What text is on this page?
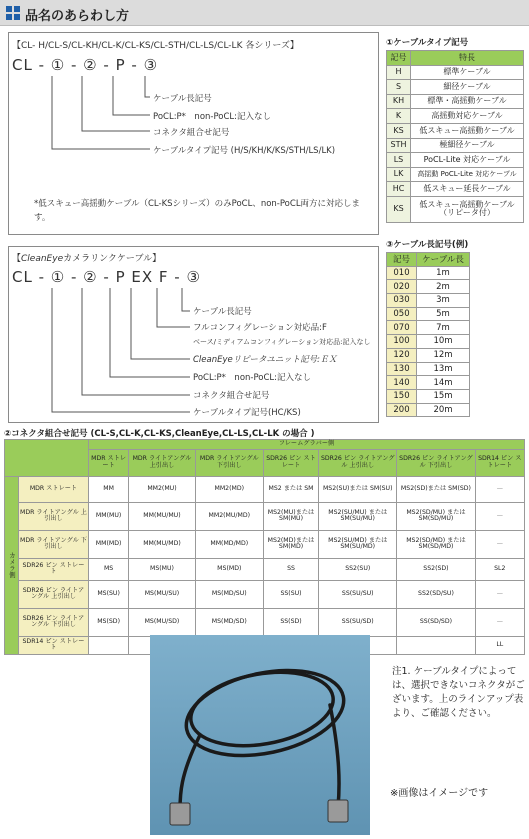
品名のあらわし方
【CL- H/CL-S/CL-KH/CL-K/CL-KS/CL-STH/CL-LS/CL-LK 各シリーズ】
CL - ① - ② - P - ③
ケーブル長記号
PoCL:P*　non-PoCL:記入なし
コネクタ組合せ記号
ケーブルタイプ記号 (H/S/KH/K/KS/STH/LS/LK)
*低スキュー高揺動ケーブル（CL-KSシリーズ）のみPoCL、non-PoCL両方に対応します。
【CleanEyeカメラリンクケーブル】
CL - ① - ② - P EX F - ③
ケーブル長記号
フルコンフィグレーション対応品:F
ベース/ミディアムコンフィグレーション対応品:記入なし
CleanEyeリピータユニット記号:ＥＸ
PoCL:P*　non-PoCL:記入なし
コネクタ組合せ記号
ケーブルタイプ記号(HC/KS)
①ケーブルタイプ記号
記号	特長
H	標準ケーブル
S	細径ケーブル
KH	標準・高揺動ケーブル
K	高揺動対応ケーブル
KS	低スキュー高揺動ケーブル
STH	極細径ケーブル
LS	PoCL-Lite 対応ケーブル
LK	高揺動 PoCL-Lite 対応ケーブル
HC	低スキュー延長ケーブル
KS	低スキュー高揺動ケーブル（リピータ付）
③ケーブル長記号(例)
記号	ケーブル長
010	1m
020	2m
030	3m
050	5m
070	7m
100	10m
120	12m
130	13m
140	14m
150	15m
200	20m
②コネクタ組合せ記号 (CL-S,CL-K,CL-KS,CleanEye,CL-LS,CL-LK の場合 )
		フレームグラバー側						
		MDR ストレート	MDR ライトアングル 上引出し	MDR ライトアングル 下引出し	SDR26 ピン ストレート	SDR26 ピン ライトアングル 上引出し	SDR26 ピン ライトアングル 下引出し	SDR14 ピン ストレート
カメラ側	MDR ストレート	MM	MM2(MU)	MM2(MD)	MS2 または SM	MS2(SU)または SM(SU)	MS2(SD)または SM(SD)	—
	MDR ライトアングル 上引出し	MM(MU)	MM(MU/MU)	MM2(MU/MD)	MS2(MU)または SM(MU)	MS2(SU/MU) またはSM(SU/MU)	MS2(SD/MU) またはSM(SD/MU)	—
	MDR ライトアングル 下引出し	MM(MD)	MM(MU/MD)	MM(MD/MD)	MS2(MD)または SM(MD)	MS2(SU/MD) またはSM(SU/MD)	MS2(SD/MD) またはSM(SD/MD)	—
	SDR26 ピン ストレート	MS	MS(MU)	MS(MD)	SS	SS2(SU)	SS2(SD)	SL2
	SDR26 ピン ライトアングル 上引出し	MS(SU)	MS(MU/SU)	MS(MD/SU)	SS(SU)	SS(SU/SU)	SS2(SD/SU)	—
	SDR26 ピン ライトアングル 下引出し	MS(SD)	MS(MU/SD)	MS(MD/SD)	SS(SD)	SS(SU/SD)	SS(SD/SD)	—
	SDR14 ピン ストレート							LL
注1. ケーブルタイプによっては、選択できないコネクタがございます。上のラインアップ表より、ご確認ください。
※画像はイメージです
